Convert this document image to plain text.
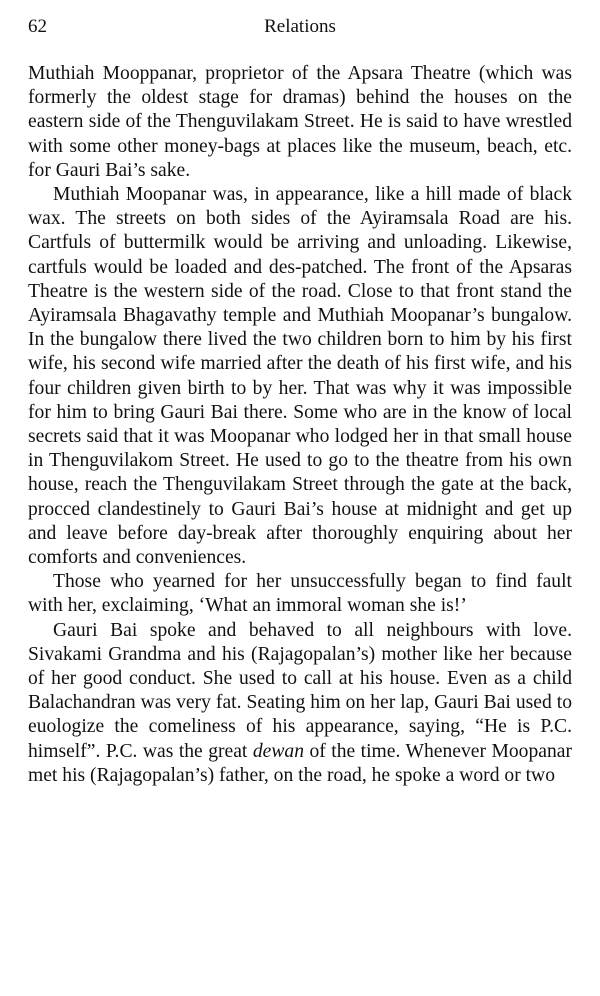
62	Relations

Muthiah Mooppanar, proprietor of the Apsara Theatre (which was formerly the oldest stage for dramas) behind the houses on the eastern side of the Thenguvilakam Street. He is said to have wrestled with some other money-bags at places like the museum, beach, etc. for Gauri Bai’s sake.

Muthiah Moopanar was, in appearance, like a hill made of black wax. The streets on both sides of the Ayiramsala Road are his. Cartfuls of buttermilk would be arriving and unloading. Likewise, cartfuls would be loaded and des-patched. The front of the Apsaras Theatre is the western side of the road. Close to that front stand the Ayiramsala Bhagavathy temple and Muthiah Moopanar’s bungalow. In the bungalow there lived the two children born to him by his first wife, his second wife married after the death of his first wife, and his four children given birth to by her. That was why it was impossible for him to bring Gauri Bai there. Some who are in the know of local secrets said that it was Moopanar who lodged her in that small house in Thenguvilakom Street. He used to go to the theatre from his own house, reach the Thenguvilakam Street through the gate at the back, procced clandestinely to Gauri Bai’s house at midnight and get up and leave before day-break after thoroughly enquiring about her comforts and conveniences.

Those who yearned for her unsuccessfully began to find fault with her, exclaiming, ‘What an immoral woman she is!’

Gauri Bai spoke and behaved to all neighbours with love. Sivakami Grandma and his (Rajagopalan’s) mother like her because of her good conduct. She used to call at his house. Even as a child Balachandran was very fat. Seating him on her lap, Gauri Bai used to euologize the comeliness of his appearance, saying, “He is P.C. himself”. P.C. was the great dewan of the time. Whenever Moopanar met his (Rajagopalan’s) father, on the road, he spoke a word or two
